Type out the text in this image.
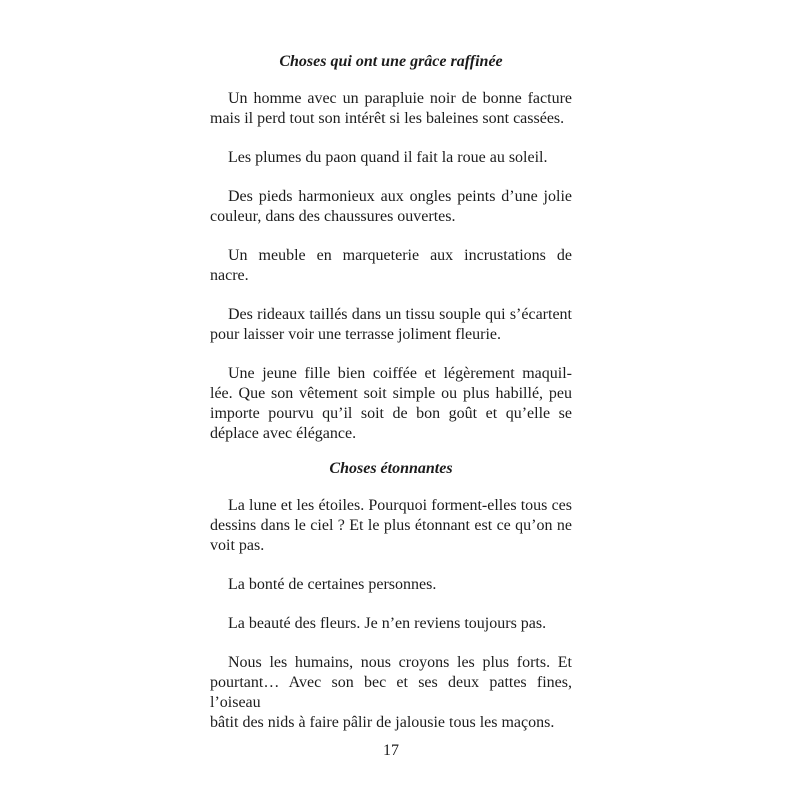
Choses qui ont une grâce raffinée

Un homme avec un parapluie noir de bonne facture
mais il perd tout son intérêt si les baleines sont cassées.

Les plumes du paon quand il fait la roue au soleil.

Des pieds harmonieux aux ongles peints d’une jolie
couleur, dans des chaussures ouvertes.

Un meuble en marqueterie aux incrustations de nacre.

Des rideaux taillés dans un tissu souple qui s’écartent
pour laisser voir une terrasse joliment fleurie.

Une jeune fille bien coiffée et légèrement maquil-
lée. Que son vêtement soit simple ou plus habillé, peu
importe pourvu qu’il soit de bon goût et qu’elle se
déplace avec élégance.

Choses étonnantes

La lune et les étoiles. Pourquoi forment-elles tous ces
dessins dans le ciel ? Et le plus étonnant est ce qu’on ne
voit pas.

La bonté de certaines personnes.

La beauté des fleurs. Je n’en reviens toujours pas.

Nous les humains, nous croyons les plus forts. Et
pourtant… Avec son bec et ses deux pattes fines, l’oiseau
bâtit des nids à faire pâlir de jalousie tous les maçons.

17
